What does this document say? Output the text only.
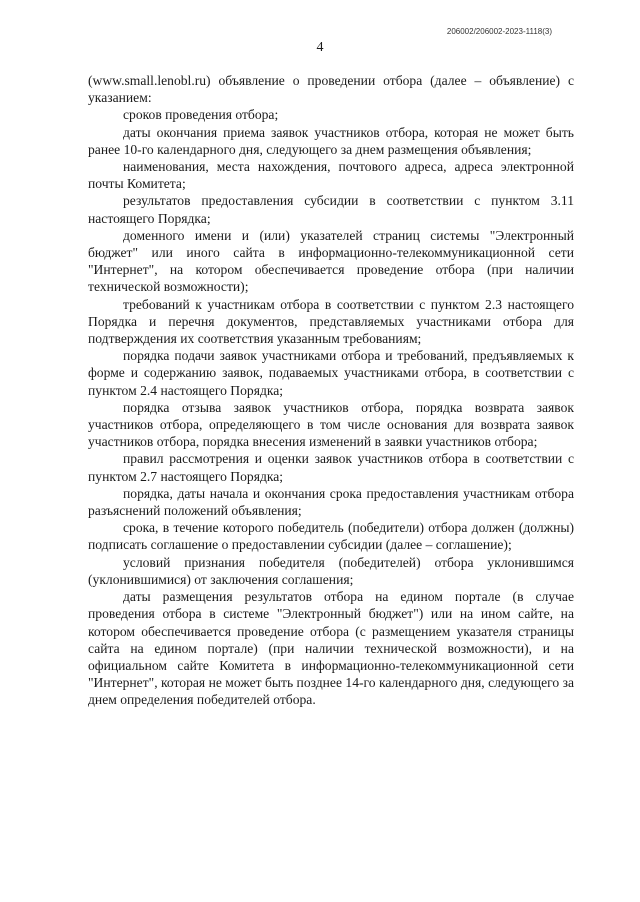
206002/206002-2023-1118(3)
4

(www.small.lenobl.ru) объявление о проведении отбора (далее – объявление) с указанием:

сроков проведения отбора;

даты окончания приема заявок участников отбора, которая не может быть ранее 10-го календарного дня, следующего за днем размещения объявления;

наименования, места нахождения, почтового адреса, адреса электронной почты Комитета;

результатов предоставления субсидии в соответствии с пунктом 3.11 настоящего Порядка;

доменного имени и (или) указателей страниц системы "Электронный бюджет" или иного сайта в информационно-телекоммуникационной сети "Интернет", на котором обеспечивается проведение отбора (при наличии технической возможности);

требований к участникам отбора в соответствии с пунктом 2.3 настоящего Порядка и перечня документов, представляемых участниками отбора для подтверждения их соответствия указанным требованиям;

порядка подачи заявок участниками отбора и требований, предъявляемых к форме и содержанию заявок, подаваемых участниками отбора, в соответствии с пунктом 2.4 настоящего Порядка;

порядка отзыва заявок участников отбора, порядка возврата заявок участников отбора, определяющего в том числе основания для возврата заявок участников отбора, порядка внесения изменений в заявки участников отбора;

правил рассмотрения и оценки заявок участников отбора в соответствии с пунктом 2.7 настоящего Порядка;

порядка, даты начала и окончания срока предоставления участникам отбора разъяснений положений объявления;

срока, в течение которого победитель (победители) отбора должен (должны) подписать соглашение о предоставлении субсидии (далее – соглашение);

условий признания победителя (победителей) отбора уклонившимся (уклонившимися) от заключения соглашения;

даты размещения результатов отбора на едином портале (в случае проведения отбора в системе "Электронный бюджет") или на ином сайте, на котором обеспечивается проведение отбора (с размещением указателя страницы сайта на едином портале) (при наличии технической возможности), и на официальном сайте Комитета в информационно-телекоммуникационной сети "Интернет", которая не может быть позднее 14-го календарного дня, следующего за днем определения победителей отбора.
